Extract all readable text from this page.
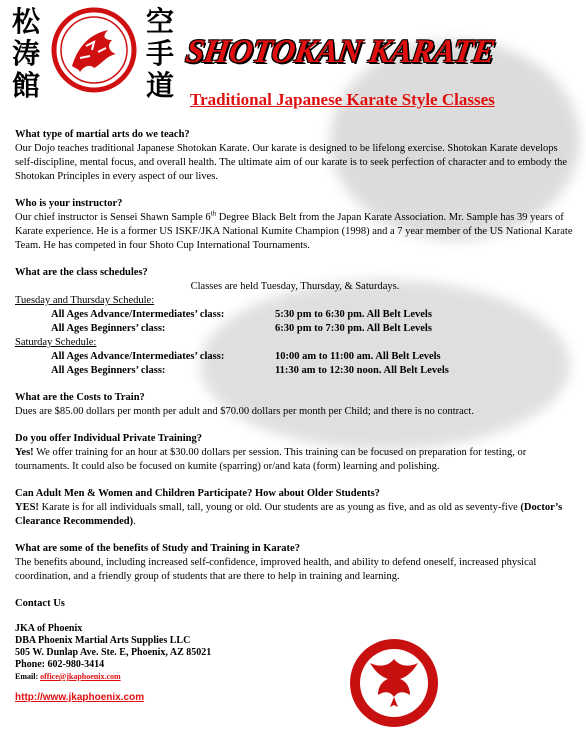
松
涛
館
空
手
道
SHOTOKAN KARATE
Traditional Japanese Karate Style Classes

What type of martial arts do we teach?

Our Dojo teaches traditional Japanese Shotokan Karate. Our karate is designed to be lifelong exercise. Shotokan Karate develops self-discipline, mental focus, and overall health. The ultimate aim of our karate is to seek perfection of character and to embody the Shotokan Principles in every aspect of our lives.

Who is your instructor?

Our chief instructor is Sensei Shawn Sample 6th Degree Black Belt from the Japan Karate Association. Mr. Sample has 39 years of Karate experience. He is a former US ISKF/JKA National Kumite Champion (1998) and a 7 year member of the US National Karate Team. He has competed in four Shoto Cup International Tournaments.

What are the class schedules?

Classes are held Tuesday, Thursday, & Saturdays.

Tuesday and Thursday Schedule:

All Ages Advance/Intermediates’ class:	5:30 pm to 6:30 pm. All Belt Levels
All Ages Beginners’ class:	6:30 pm to 7:30 pm. All Belt Levels

Saturday Schedule:

All Ages Advance/Intermediates’ class:	10:00 am to 11:00 am. All Belt Levels
All Ages Beginners’ class:	11:30 am to 12:30 noon. All Belt Levels

What are the Costs to Train?

Dues are $85.00 dollars per month per adult and $70.00 dollars per month per Child; and there is no contract.

Do you offer Individual Private Training?

Yes! We offer training for an hour at $30.00 dollars per session. This training can be focused on preparation for testing, or tournaments. It could also be focused on kumite (sparring) or/and kata (form) learning and polishing.

Can Adult Men & Women and Children Participate? How about Older Students?

YES! Karate is for all individuals small, tall, young or old. Our students are as young as five, and as old as seventy-five (Doctor’s Clearance Recommended).

What are some of the benefits of Study and Training in Karate?

The benefits abound, including increased self-confidence, improved health, and ability to defend oneself, increased physical coordination, and a friendly group of students that are there to help in training and learning.

Contact Us

JKA of Phoenix
DBA Phoenix Martial Arts Supplies LLC
505 W. Dunlap Ave. Ste. E, Phoenix, AZ 85021
Phone: 602-980-3414
Email: office@jkaphoenix.com
http://www.jkaphoenix.com
